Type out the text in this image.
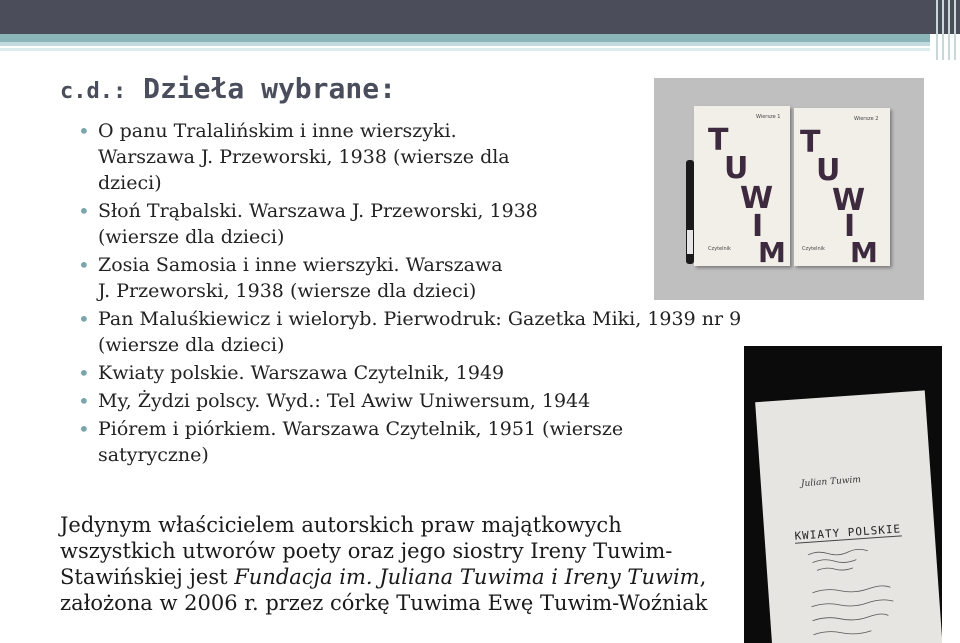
c.d.: Dzieła wybrane:
• O panu Tralalińskim i inne wierszyki.
Warszawa J. Przeworski, 1938 (wiersze dla
dzieci)
• Słoń Trąbalski. Warszawa J. Przeworski, 1938
(wiersze dla dzieci)
• Zosia Samosia i inne wierszyki. Warszawa
J. Przeworski, 1938 (wiersze dla dzieci)
• Pan Maluśkiewicz i wieloryb. Pierwodruk: Gazetka Miki, 1939 nr 9
(wiersze dla dzieci)
• Kwiaty polskie. Warszawa Czytelnik, 1949
• My, Żydzi polscy. Wyd.: Tel Awiw Uniwersum, 1944
• Piórem i piórkiem. Warszawa Czytelnik, 1951 (wiersze
satyryczne)
Jedynym właścicielem autorskich praw majątkowych wszystkich utworów poety oraz jego siostry Ireny Tuwim-Stawińskiej jest Fundacja im. Juliana Tuwima i Ireny Tuwim, założona w 2006 r. przez córkę Tuwima Ewę Tuwim-Woźniak
T
U
W
I
M
Wiersze 1
Czytelnik
T
U
W
I
M
Wiersze 2
Czytelnik
Julian Tuwim
KWIATY POLSKIE
